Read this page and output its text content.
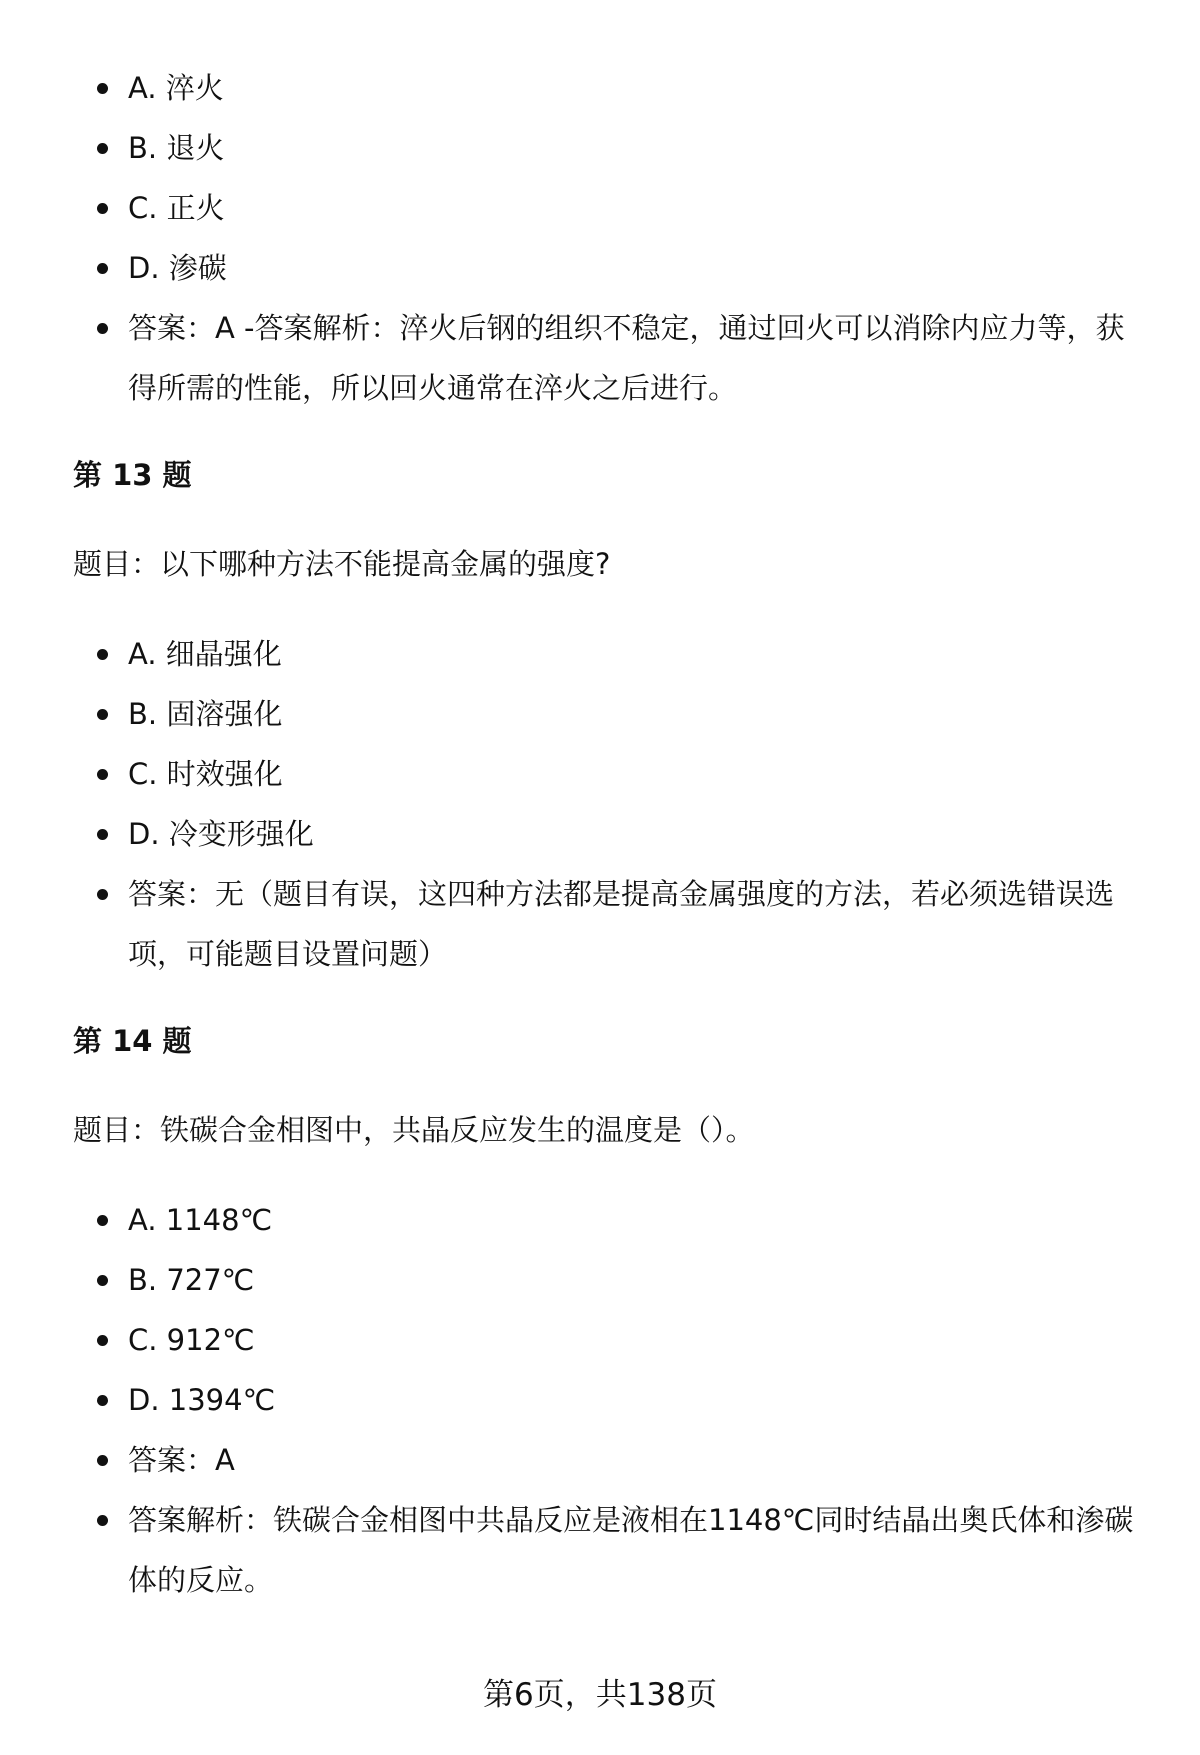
A. 淬火
B. 退火
C. 正火
D. 渗碳
答案：A -答案解析：淬火后钢的组织不稳定，通过回火可以消除内应力等，获得所需的性能，所以回火通常在淬火之后进行。
第 13 题
题目：以下哪种方法不能提高金属的强度?
A. 细晶强化
B. 固溶强化
C. 时效强化
D. 冷变形强化
答案：无（题目有误，这四种方法都是提高金属强度的方法，若必须选错误选项，可能题目设置问题）
第 14 题
题目：铁碳合金相图中，共晶反应发生的温度是（）。
A. 1148℃
B. 727℃
C. 912℃
D. 1394℃
答案：A
答案解析：铁碳合金相图中共晶反应是液相在1148℃同时结晶出奥氏体和渗碳体的反应。
第6页，共138页
